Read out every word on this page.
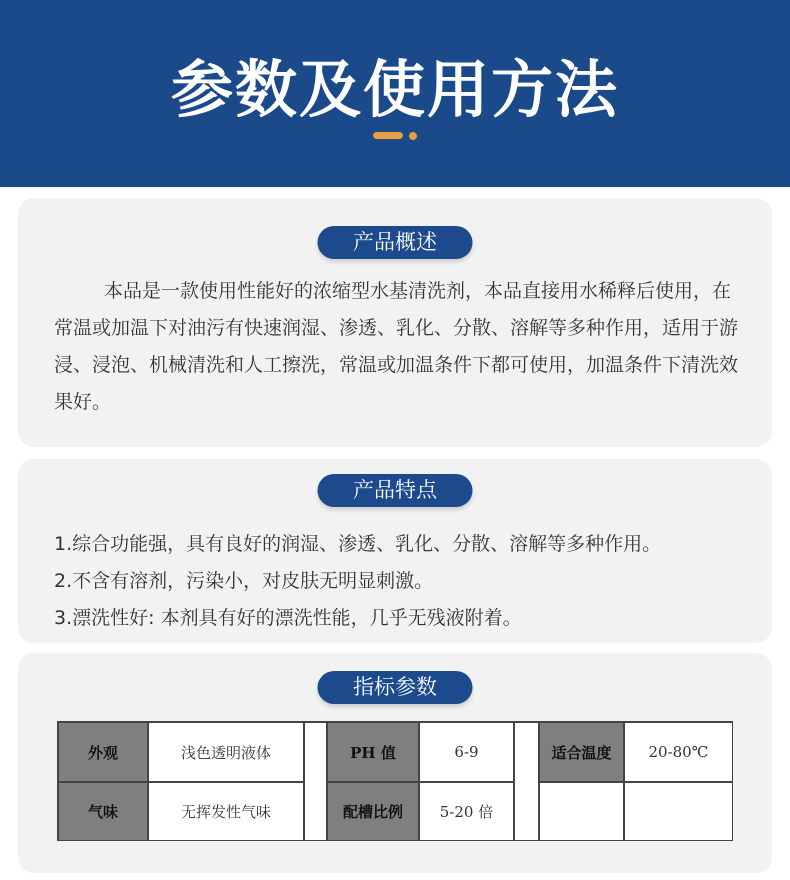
参数及使用方法
产品概述
本品是一款使用性能好的浓缩型水基清洗剂，本品直接用水稀释后使用，在常温或加温下对油污有快速润湿、渗透、乳化、分散、溶解等多种作用，适用于游浸、浸泡、机械清洗和人工擦洗，常温或加温条件下都可使用，加温条件下清洗效果好。
产品特点
1.综合功能强，具有良好的润湿、渗透、乳化、分散、溶解等多种作用。
2.不含有溶剂，污染小，对皮肤无明显刺激。
3.漂洗性好: 本剂具有好的漂洗性能，几乎无残液附着。
指标参数
外观	浅色透明液体	PH 值	6-9	适合温度	20-80℃
气味	无挥发性气味	配槽比例	5-20 倍
